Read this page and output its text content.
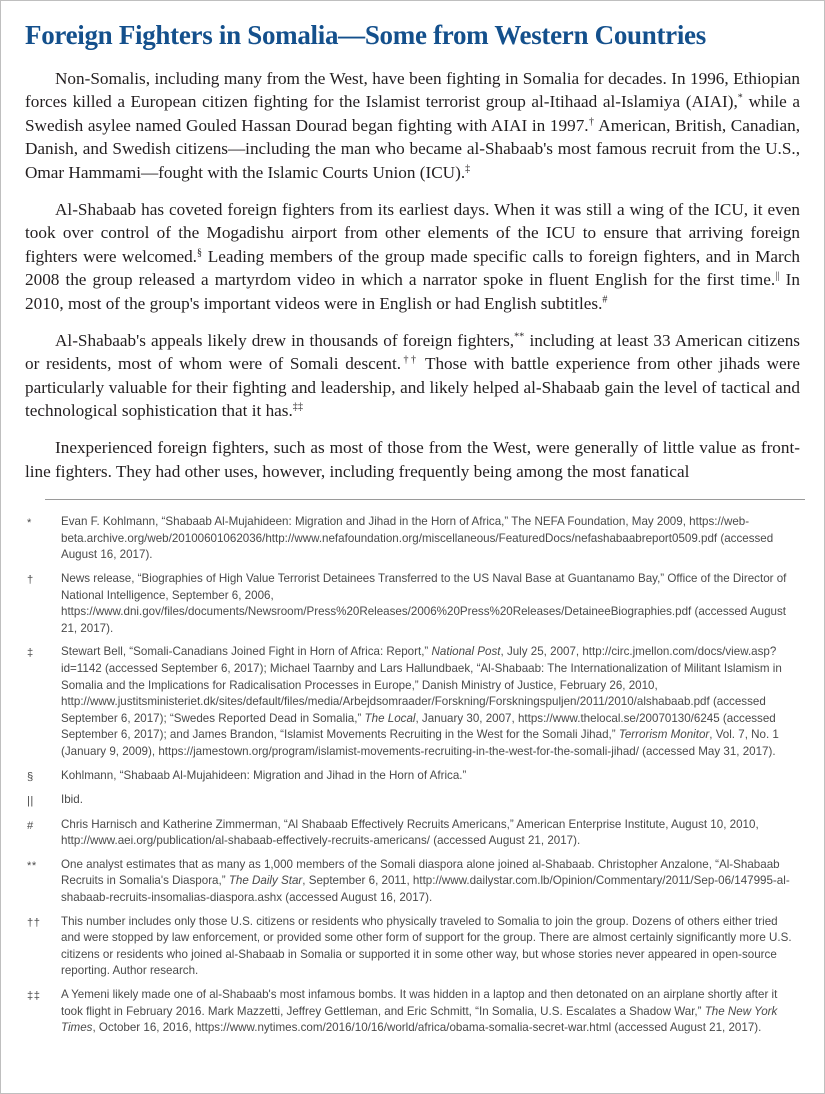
Foreign Fighters in Somalia—Some from Western Countries

Non-Somalis, including many from the West, have been fighting in Somalia for decades. In 1996, Ethiopian forces killed a European citizen fighting for the Islamist terrorist group al-Itihaad al-Islamiya (AIAI),* while a Swedish asylee named Gouled Hassan Dourad began fighting with AIAI in 1997.† American, British, Canadian, Danish, and Swedish citizens—including the man who became al-Shabaab's most famous recruit from the U.S., Omar Hammami—fought with the Islamic Courts Union (ICU).‡

Al-Shabaab has coveted foreign fighters from its earliest days. When it was still a wing of the ICU, it even took over control of the Mogadishu airport from other elements of the ICU to ensure that arriving foreign fighters were welcomed.§ Leading members of the group made specific calls to foreign fighters, and in March 2008 the group released a martyrdom video in which a narrator spoke in fluent English for the first time.|| In 2010, most of the group's important videos were in English or had English subtitles.#

Al-Shabaab's appeals likely drew in thousands of foreign fighters,** including at least 33 American citizens or residents, most of whom were of Somali descent.†† Those with battle experience from other jihads were particularly valuable for their fighting and leadership, and likely helped al-Shabaab gain the level of tactical and technological sophistication that it has.‡‡

Inexperienced foreign fighters, such as most of those from the West, were generally of little value as front-line fighters. They had other uses, however, including frequently being among the most fanatical

*	Evan F. Kohlmann, “Shabaab Al-Mujahideen: Migration and Jihad in the Horn of Africa,” The NEFA Foundation, May 2009, https://web-beta.archive.org/web/20100601062036/http://www.nefafoundation.org/miscellaneous/FeaturedDocs/nefashabaabreport0509.pdf (accessed August 16, 2017).
†	News release, “Biographies of High Value Terrorist Detainees Transferred to the US Naval Base at Guantanamo Bay,” Office of the Director of National Intelligence, September 6, 2006, https://www.dni.gov/files/documents/Newsroom/Press%20Releases/2006%20Press%20Releases/DetaineeBiographies.pdf (accessed August 21, 2017).
‡	Stewart Bell, “Somali-Canadians Joined Fight in Horn of Africa: Report,” National Post, July 25, 2007, http://circ.jmellon.com/docs/view.asp?id=1142 (accessed September 6, 2017); Michael Taarnby and Lars Hallundbaek, “Al-Shabaab: The Internationalization of Militant Islamism in Somalia and the Implications for Radicalisation Processes in Europe,” Danish Ministry of Justice, February 26, 2010,
http://www.justitsministeriet.dk/sites/default/files/media/Arbejdsomraader/Forskning/Forskningspuljen/2011/2010/alshabaab.pdf (accessed September 6, 2017); “Swedes Reported Dead in Somalia,” The Local, January 30, 2007, https://www.thelocal.se/20070130/6245 (accessed September 6, 2017); and James Brandon, “Islamist Movements Recruiting in the West for the Somali Jihad,” Terrorism Monitor, Vol. 7, No. 1 (January 9, 2009), https://jamestown.org/program/islamist-movements-recruiting-in-the-west-for-the-somali-jihad/ (accessed May 31, 2017).
§	Kohlmann, “Shabaab Al-Mujahideen: Migration and Jihad in the Horn of Africa.”
||	Ibid.
#	Chris Harnisch and Katherine Zimmerman, “Al Shabaab Effectively Recruits Americans,” American Enterprise Institute, August 10, 2010, http://www.aei.org/publication/al-shabaab-effectively-recruits-americans/ (accessed August 21, 2017).
**	One analyst estimates that as many as 1,000 members of the Somali diaspora alone joined al-Shabaab. Christopher Anzalone, “Al-Shabaab Recruits in Somalia's Diaspora,” The Daily Star, September 6, 2011, http://www.dailystar.com.lb/Opinion/Commentary/2011/Sep-06/147995-al-shabaab-recruits-insomalias-diaspora.ashx (accessed August 16, 2017).
††	This number includes only those U.S. citizens or residents who physically traveled to Somalia to join the group. Dozens of others either tried and were stopped by law enforcement, or provided some other form of support for the group. There are almost certainly significantly more U.S. citizens or residents who joined al-Shabaab in Somalia or supported it in some other way, but whose stories never appeared in open-source reporting. Author research.
‡‡	A Yemeni likely made one of al-Shabaab's most infamous bombs. It was hidden in a laptop and then detonated on an airplane shortly after it took flight in February 2016. Mark Mazzetti, Jeffrey Gettleman, and Eric Schmitt, “In Somalia, U.S. Escalates a Shadow War,” The New York Times, October 16, 2016, https://www.nytimes.com/2016/10/16/world/africa/obama-somalia-secret-war.html (accessed August 21, 2017).
